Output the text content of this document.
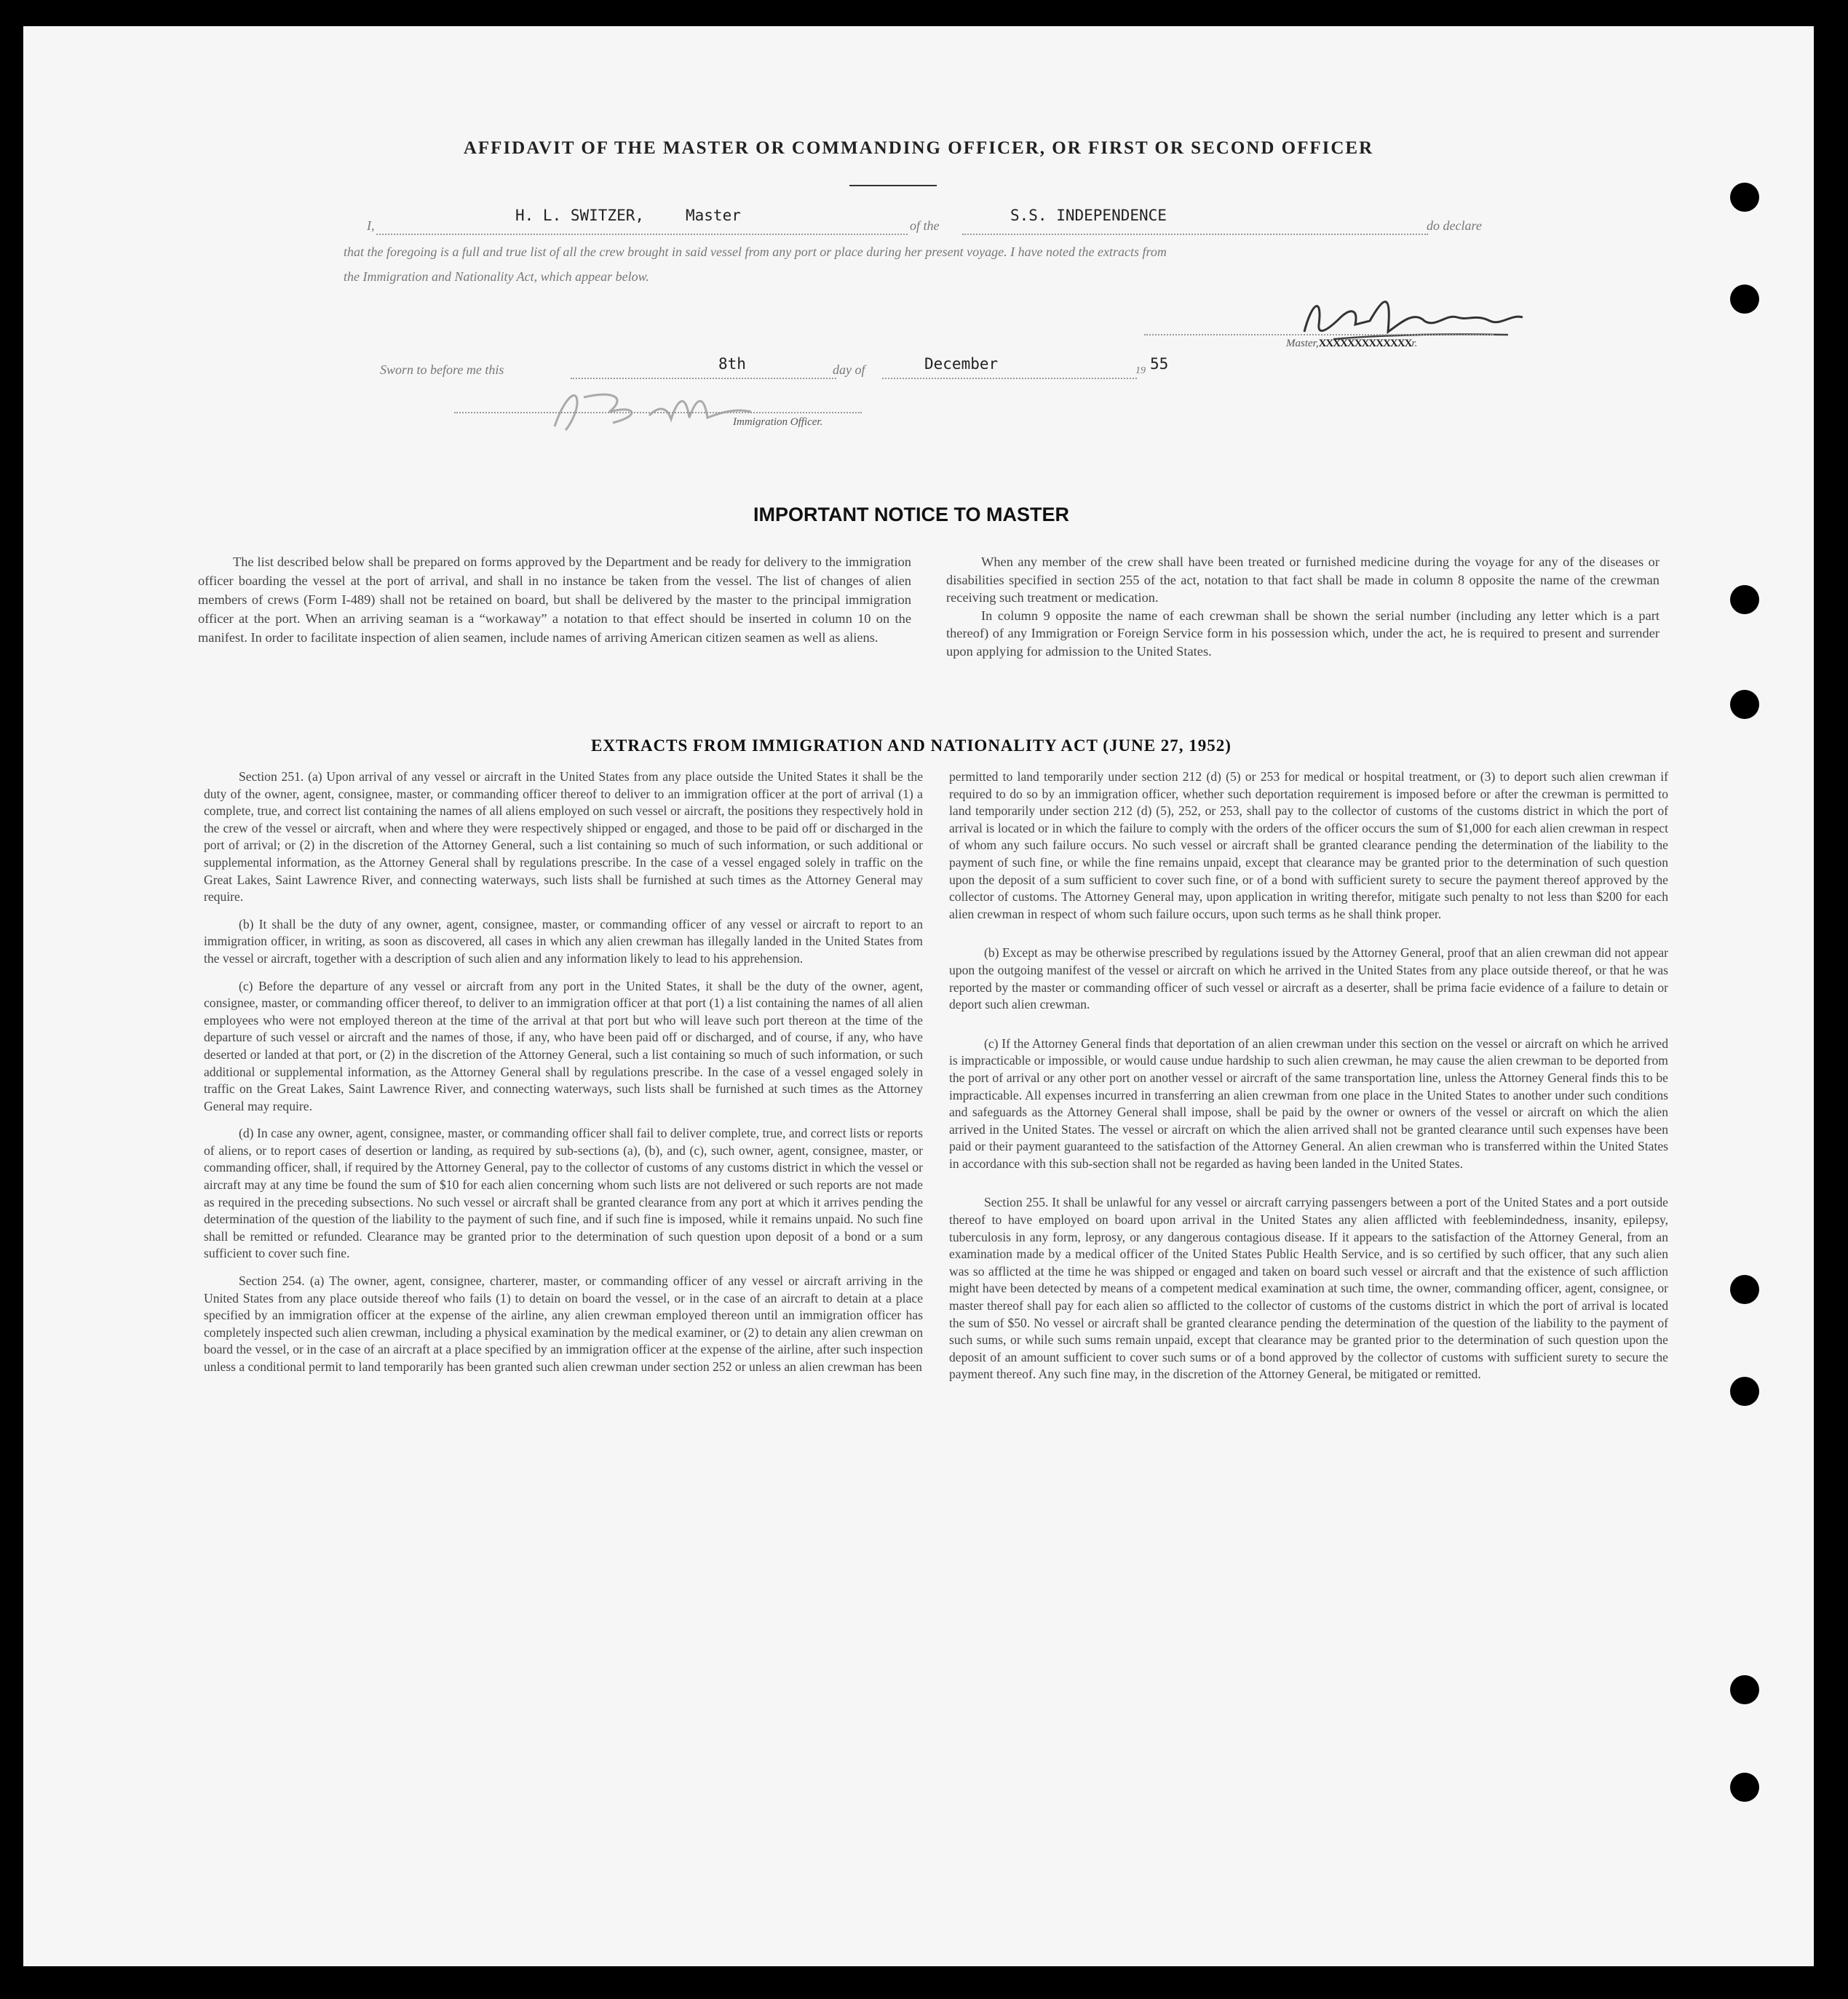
AFFIDAVIT OF THE MASTER OR COMMANDING OFFICER, OR FIRST OR SECOND OFFICER
I,
H. L. SWITZER,	Master
of the
S.S. INDEPENDENCE
do declare
that the foregoing is a full and true list of all the crew brought in said vessel from any port or place during her present voyage. I have noted the extracts from
the Immigration and Nationality Act, which appear below.
Master,XXXXXXXXXXXXXr.
Sworn to before me this	8th	day of	December	19 55
Immigration Officer.
IMPORTANT NOTICE TO MASTER

The list described below shall be prepared on forms approved by the Department and be ready for delivery to the immigration officer boarding the vessel at the port of arrival, and shall in no instance be taken from the vessel. The list of changes of alien members of crews (Form I-489) shall not be retained on board, but shall be delivered by the master to the principal immigration officer at the port. When an arriving seaman is a “workaway” a notation to that effect should be inserted in column 10 on the manifest. In order to facilitate inspection of alien seamen, include names of arriving American citizen seamen as well as aliens.

When any member of the crew shall have been treated or furnished medicine during the voyage for any of the diseases or disabilities specified in section 255 of the act, notation to that fact shall be made in column 8 opposite the name of the crewman receiving such treatment or medication.

In column 9 opposite the name of each crewman shall be shown the serial number (including any letter which is a part thereof) of any Immigration or Foreign Service form in his possession which, under the act, he is required to present and surrender upon applying for admission to the United States.

EXTRACTS FROM IMMIGRATION AND NATIONALITY ACT (JUNE 27, 1952)

Section 251. (a) Upon arrival of any vessel or aircraft in the United States from any place outside the United States it shall be the duty of the owner, agent, consignee, master, or commanding officer thereof to deliver to an immigration officer at the port of arrival (1) a complete, true, and correct list containing the names of all aliens employed on such vessel or aircraft, the positions they respectively hold in the crew of the vessel or aircraft, when and where they were respectively shipped or engaged, and those to be paid off or discharged in the port of arrival; or (2) in the discretion of the Attorney General, such a list containing so much of such information, or such additional or supplemental information, as the Attorney General shall by regulations prescribe. In the case of a vessel engaged solely in traffic on the Great Lakes, Saint Lawrence River, and connecting waterways, such lists shall be furnished at such times as the Attorney General may require.

(b) It shall be the duty of any owner, agent, consignee, master, or commanding officer of any vessel or aircraft to report to an immigration officer, in writing, as soon as discovered, all cases in which any alien crewman has illegally landed in the United States from the vessel or aircraft, together with a description of such alien and any information likely to lead to his apprehension.

(c) Before the departure of any vessel or aircraft from any port in the United States, it shall be the duty of the owner, agent, consignee, master, or commanding officer thereof, to deliver to an immigration officer at that port (1) a list containing the names of all alien employees who were not employed thereon at the time of the arrival at that port but who will leave such port thereon at the time of the departure of such vessel or aircraft and the names of those, if any, who have been paid off or discharged, and of course, if any, who have deserted or landed at that port, or (2) in the discretion of the Attorney General, such a list containing so much of such information, or such additional or supplemental information, as the Attorney General shall by regulations prescribe. In the case of a vessel engaged solely in traffic on the Great Lakes, Saint Lawrence River, and connecting waterways, such lists shall be furnished at such times as the Attorney General may require.

(d) In case any owner, agent, consignee, master, or commanding officer shall fail to deliver complete, true, and correct lists or reports of aliens, or to report cases of desertion or landing, as required by sub-sections (a), (b), and (c), such owner, agent, consignee, master, or commanding officer, shall, if required by the Attorney General, pay to the collector of customs of any customs district in which the vessel or aircraft may at any time be found the sum of $10 for each alien concerning whom such lists are not delivered or such reports are not made as required in the preceding subsections. No such vessel or aircraft shall be granted clearance from any port at which it arrives pending the determination of the question of the liability to the payment of such fine, and if such fine is imposed, while it remains unpaid. No such fine shall be remitted or refunded. Clearance may be granted prior to the determination of such question upon deposit of a bond or a sum sufficient to cover such fine.

Section 254. (a) The owner, agent, consignee, charterer, master, or commanding officer of any vessel or aircraft arriving in the United States from any place outside thereof who fails (1) to detain on board the vessel, or in the case of an aircraft to detain at a place specified by an immigration officer at the expense of the airline, any alien crewman employed thereon until an immigration officer has completely inspected such alien crewman, including a physical examination by the medical examiner, or (2) to detain any alien crewman on board the vessel, or in the case of an aircraft at a place specified by an immigration officer at the expense of the airline, after such inspection unless a conditional permit to land temporarily has been granted such alien crewman under section 252 or unless an alien crewman has been

permitted to land temporarily under section 212 (d) (5) or 253 for medical or hospital treatment, or (3) to deport such alien crewman if required to do so by an immigration officer, whether such deportation requirement is imposed before or after the crewman is permitted to land temporarily under section 212 (d) (5), 252, or 253, shall pay to the collector of customs of the customs district in which the port of arrival is located or in which the failure to comply with the orders of the officer occurs the sum of $1,000 for each alien crewman in respect of whom any such failure occurs. No such vessel or aircraft shall be granted clearance pending the determination of the liability to the payment of such fine, or while the fine remains unpaid, except that clearance may be granted prior to the determination of such question upon the deposit of a sum sufficient to cover such fine, or of a bond with sufficient surety to secure the payment thereof approved by the collector of customs. The Attorney General may, upon application in writing therefor, mitigate such penalty to not less than $200 for each alien crewman in respect of whom such failure occurs, upon such terms as he shall think proper.

(b) Except as may be otherwise prescribed by regulations issued by the Attorney General, proof that an alien crewman did not appear upon the outgoing manifest of the vessel or aircraft on which he arrived in the United States from any place outside thereof, or that he was reported by the master or commanding officer of such vessel or aircraft as a deserter, shall be prima facie evidence of a failure to detain or deport such alien crewman.

(c) If the Attorney General finds that deportation of an alien crewman under this section on the vessel or aircraft on which he arrived is impracticable or impossible, or would cause undue hardship to such alien crewman, he may cause the alien crewman to be deported from the port of arrival or any other port on another vessel or aircraft of the same transportation line, unless the Attorney General finds this to be impracticable. All expenses incurred in transferring an alien crewman from one place in the United States to another under such conditions and safeguards as the Attorney General shall impose, shall be paid by the owner or owners of the vessel or aircraft on which the alien arrived in the United States. The vessel or aircraft on which the alien arrived shall not be granted clearance until such expenses have been paid or their payment guaranteed to the satisfaction of the Attorney General. An alien crewman who is transferred within the United States in accordance with this sub-section shall not be regarded as having been landed in the United States.

Section 255. It shall be unlawful for any vessel or aircraft carrying passengers between a port of the United States and a port outside thereof to have employed on board upon arrival in the United States any alien afflicted with feeblemindedness, insanity, epilepsy, tuberculosis in any form, leprosy, or any dangerous contagious disease. If it appears to the satisfaction of the Attorney General, from an examination made by a medical officer of the United States Public Health Service, and is so certified by such officer, that any such alien was so afflicted at the time he was shipped or engaged and taken on board such vessel or aircraft and that the existence of such affliction might have been detected by means of a competent medical examination at such time, the owner, commanding officer, agent, consignee, or master thereof shall pay for each alien so afflicted to the collector of customs of the customs district in which the port of arrival is located the sum of $50. No vessel or aircraft shall be granted clearance pending the determination of the question of the liability to the payment of such sums, or while such sums remain unpaid, except that clearance may be granted prior to the determination of such question upon the deposit of an amount sufficient to cover such sums or of a bond approved by the collector of customs with sufficient surety to secure the payment thereof. Any such fine may, in the discretion of the Attorney General, be mitigated or remitted.
